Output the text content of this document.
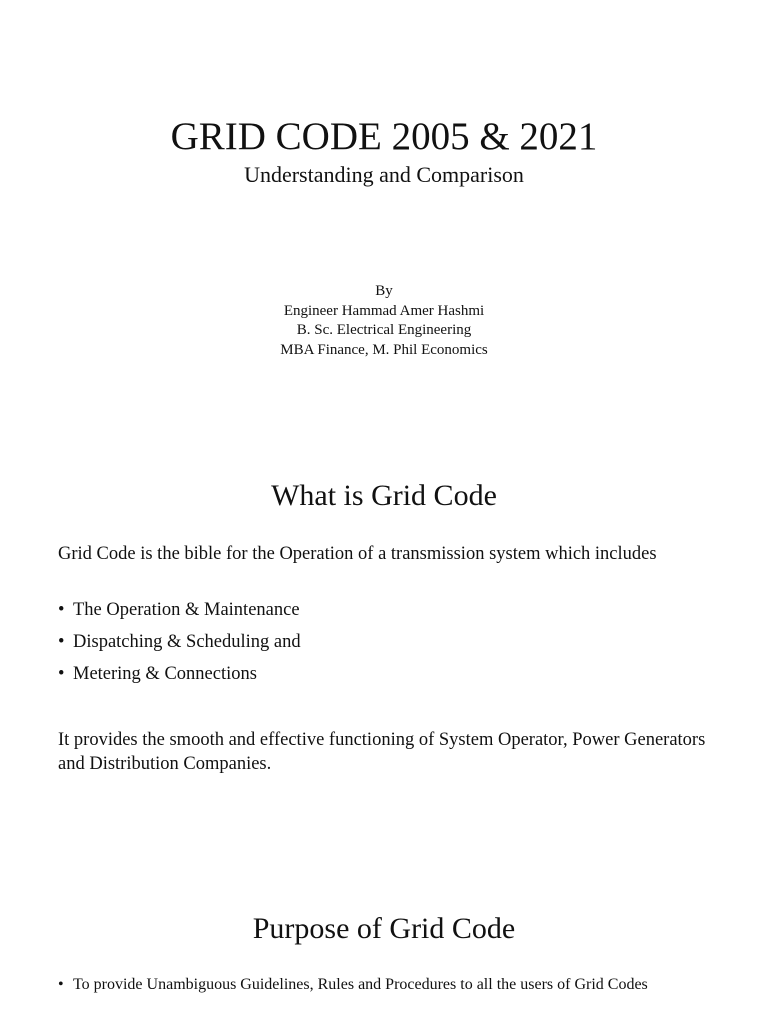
GRID CODE 2005 & 2021
Understanding and Comparison
By
Engineer Hammad Amer Hashmi
B. Sc. Electrical Engineering
MBA Finance, M. Phil Economics
What is Grid Code

Grid Code is the bible for the Operation of a transmission system which includes

• The Operation & Maintenance
• Dispatching & Scheduling and
• Metering & Connections

It provides the smooth and effective functioning of System Operator, Power Generators and Distribution Companies.

Purpose of Grid Code
• To provide Unambiguous Guidelines, Rules and Procedures to all the users of Grid Codes
